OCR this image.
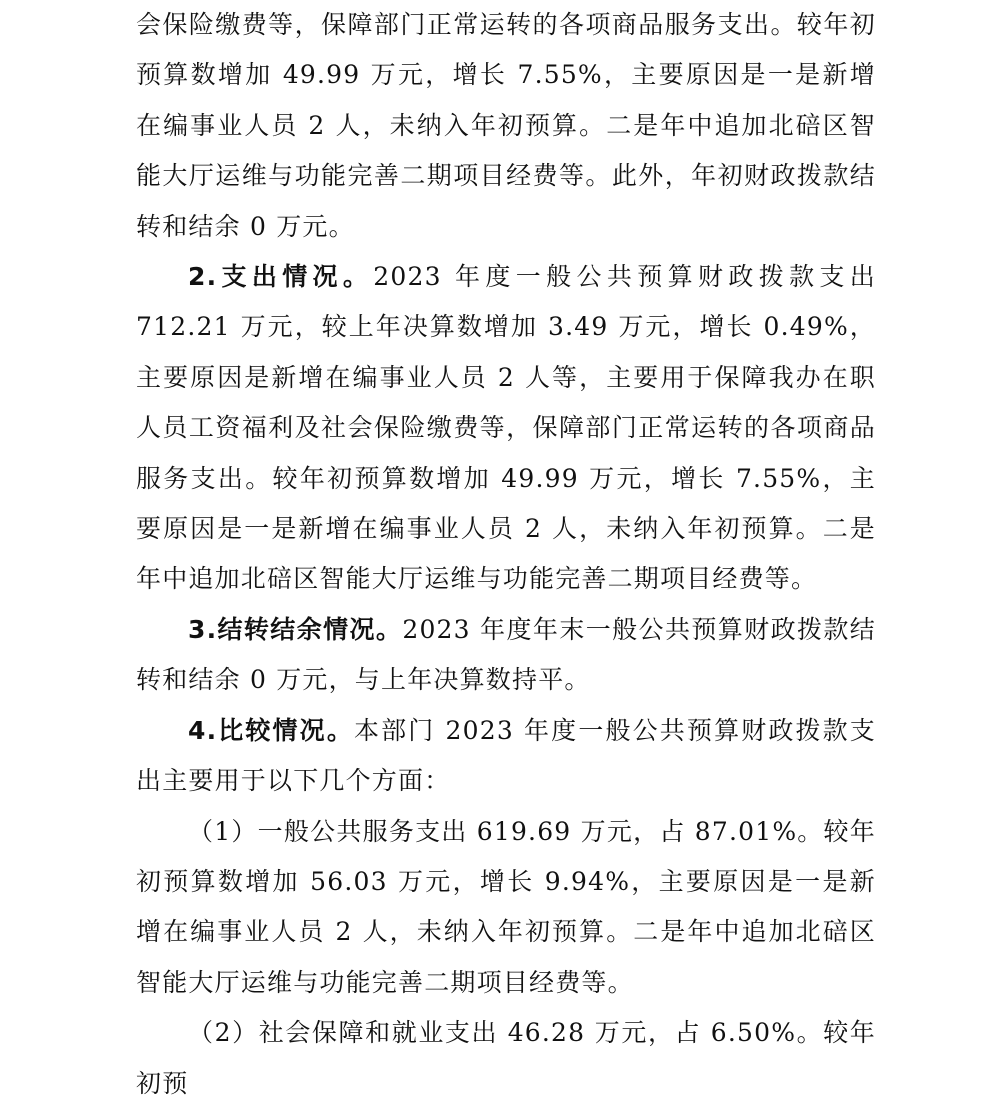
会保险缴费等，保障部门正常运转的各项商品服务支出。较年初预算数增加 49.99 万元，增长 7.55%，主要原因是一是新增在编事业人员 2 人，未纳入年初预算。二是年中追加北碚区智能大厅运维与功能完善二期项目经费等。此外，年初财政拨款结转和结余 0 万元。

2.支出情况。2023 年度一般公共预算财政拨款支出 712.21 万元，较上年决算数增加 3.49 万元，增长 0.49%，主要原因是新增在编事业人员 2 人等，主要用于保障我办在职人员工资福利及社会保险缴费等，保障部门正常运转的各项商品服务支出。较年初预算数增加 49.99 万元，增长 7.55%，主要原因是一是新增在编事业人员 2 人，未纳入年初预算。二是年中追加北碚区智能大厅运维与功能完善二期项目经费等。

3.结转结余情况。2023 年度年末一般公共预算财政拨款结转和结余 0 万元，与上年决算数持平。

4.比较情况。本部门 2023 年度一般公共预算财政拨款支出主要用于以下几个方面：

（1）一般公共服务支出 619.69 万元，占 87.01%。较年初预算数增加 56.03 万元，增长 9.94%，主要原因是一是新增在编事业人员 2 人，未纳入年初预算。二是年中追加北碚区智能大厅运维与功能完善二期项目经费等。

（2）社会保障和就业支出 46.28 万元，占 6.50%。较年初预
